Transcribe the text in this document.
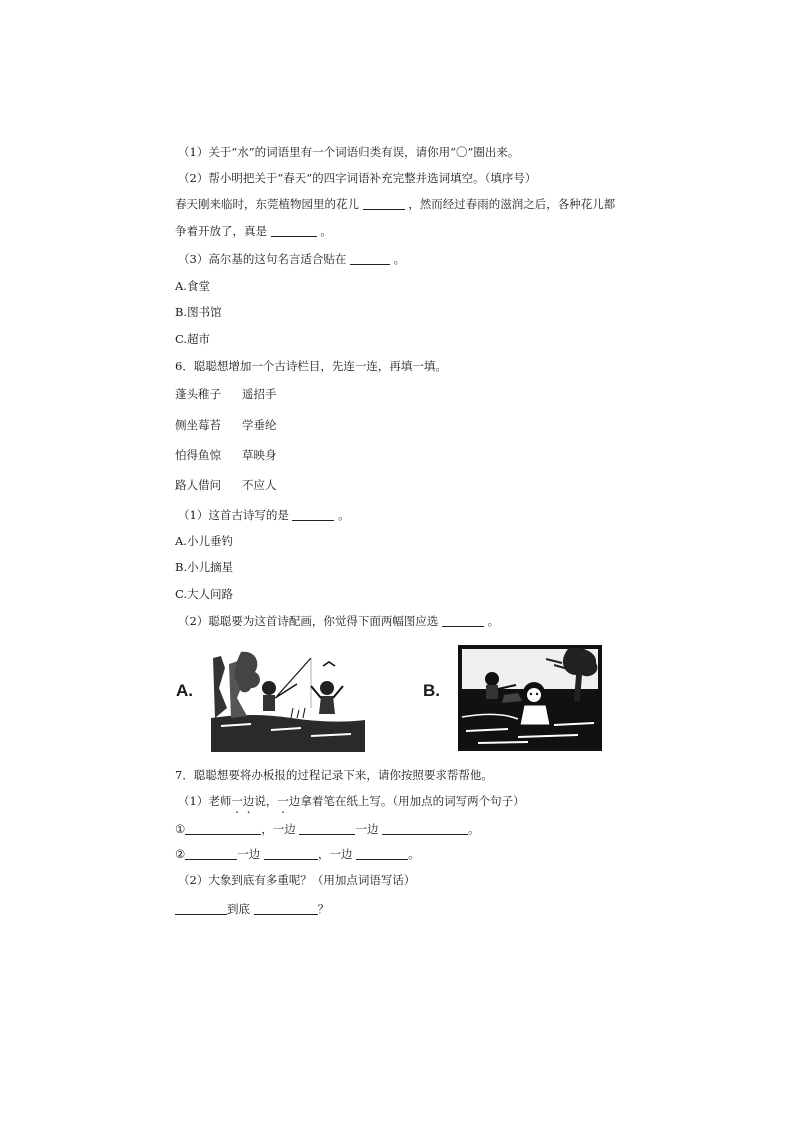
（1）关于“水”的词语里有一个词语归类有误，请你用“〇”圈出来。
（2）帮小明把关于“春天”的四字词语补充完整并选词填空。（填序号）
春天刚来临时，东莞植物园里的花儿	，然而经过春雨的滋润之后，各种花儿都
争着开放了，真是	。
（3）高尔基的这句名言适合贴在	。
A.食堂
B.图书馆
C.超市
6．聪聪想增加一个古诗栏目，先连一连，再填一填。
蓬头稚子 遥招手
侧坐莓苔 学垂纶
怕得鱼惊 草映身
路人借问 不应人
（1）这首古诗写的是	。
A.小儿垂钓
B.小儿摘星
C.大人问路
（2）聪聪要为这首诗配画，你觉得下面两幅图应选	。
A.	B.
7．聪聪想要将办板报的过程记录下来，请你按照要求帮帮他。
（1）老师一边说，一边拿着笔在纸上写。（用加点的词写两个句子）
①	，一边	一边	。
②	一边	，一边	。
（2）大象到底有多重呢？（用加点词语写话）
到底	？
